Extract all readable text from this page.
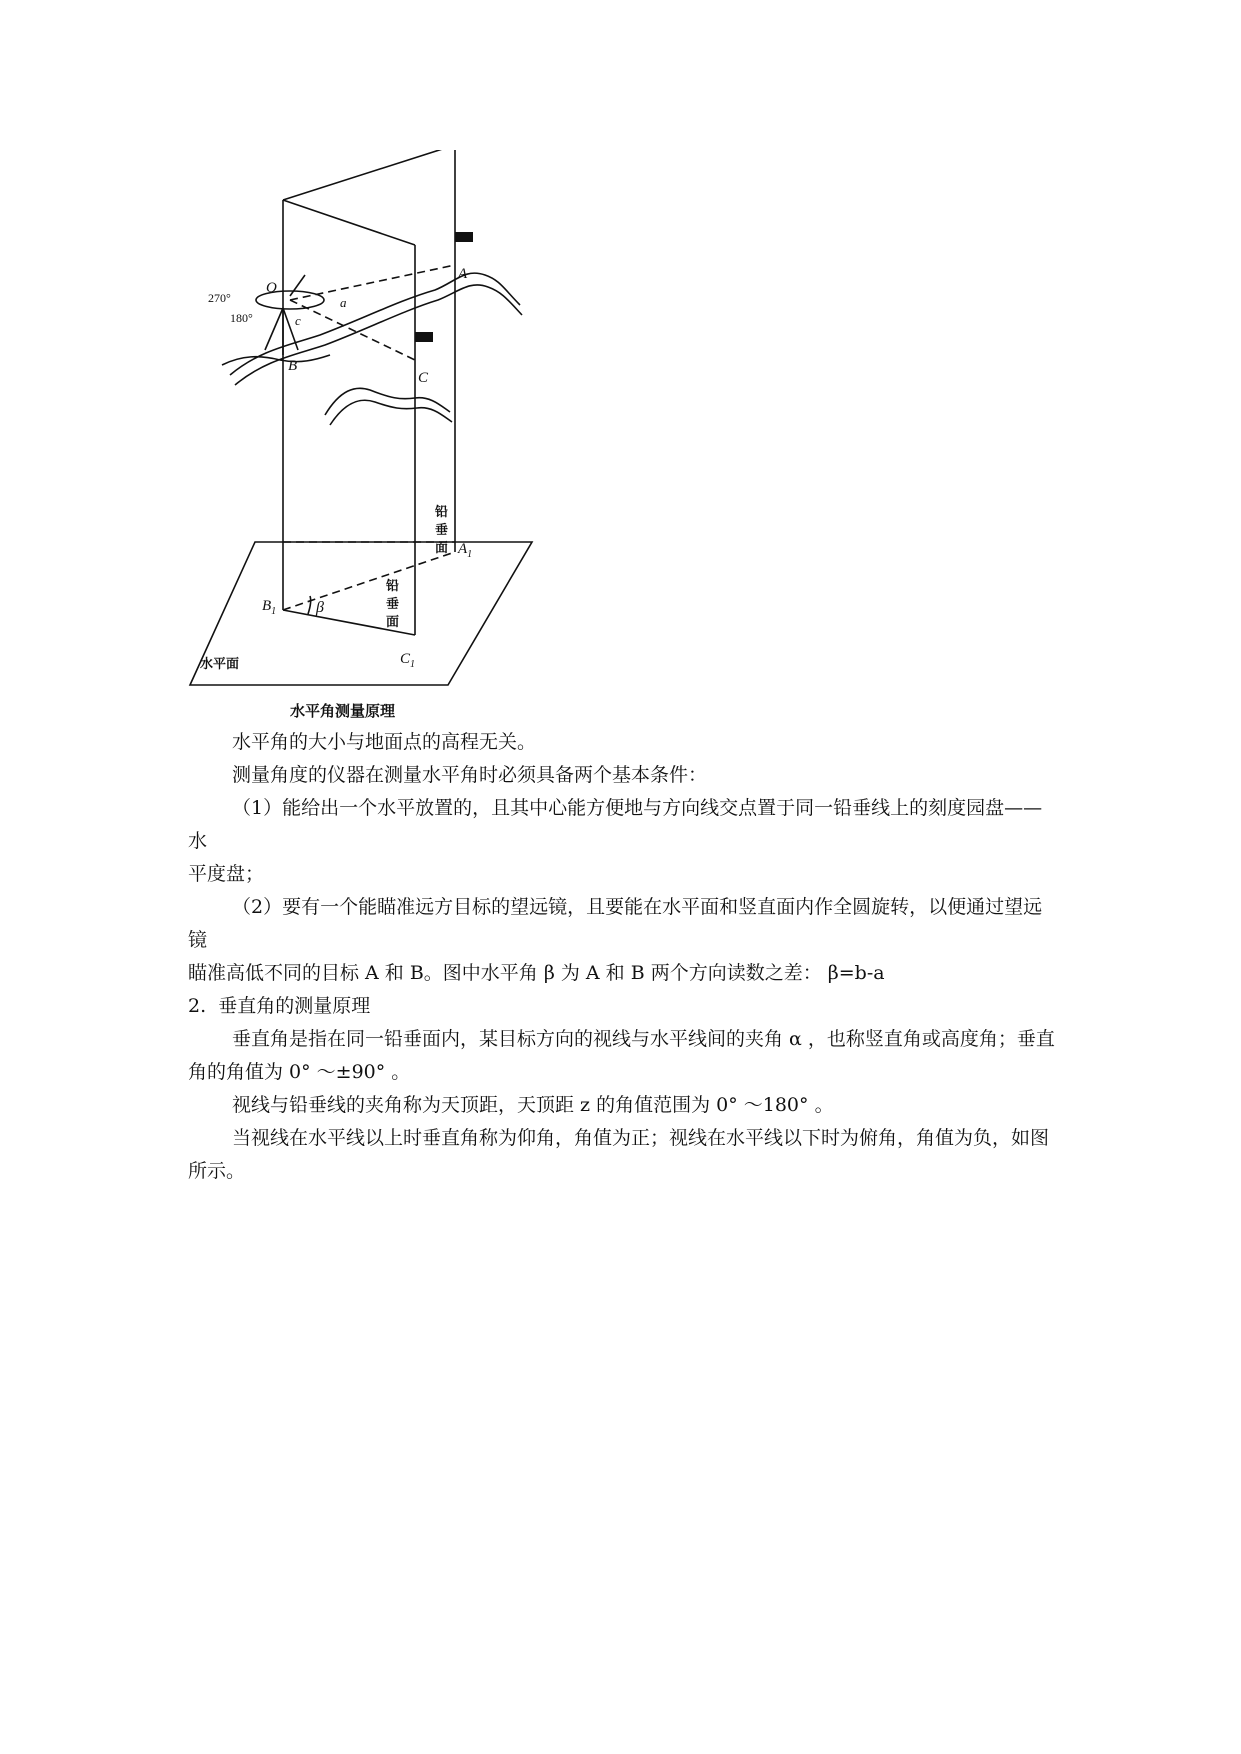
O
A
B
C
a
c
270°
180°
$A_1$
$B_1$
$C_1$
β
铅
垂
面
铅
垂
面
水平面
水平角测量原理

水平角的大小与地面点的高程无关。

测量角度的仪器在测量水平角时必须具备两个基本条件：

（1）能给出一个水平放置的，且其中心能方便地与方向线交点置于同一铅垂线上的刻度园盘——水

平度盘；

（2）要有一个能瞄准远方目标的望远镜，且要能在水平面和竖直面内作全圆旋转，以便通过望远镜

瞄准高低不同的目标 A 和 B。图中水平角 β 为 A 和 B 两个方向读数之差： β=b-a

2.  垂直角的测量原理

垂直角是指在同一铅垂面内，某目标方向的视线与水平线间的夹角 α ，也称竖直角或高度角；垂直角的角值为 0° ～±90° 。

视线与铅垂线的夹角称为天顶距，天顶距 z 的角值范围为 0° ～180° 。

当视线在水平线以上时垂直角称为仰角，角值为正；视线在水平线以下时为俯角，角值为负，如图所示。
